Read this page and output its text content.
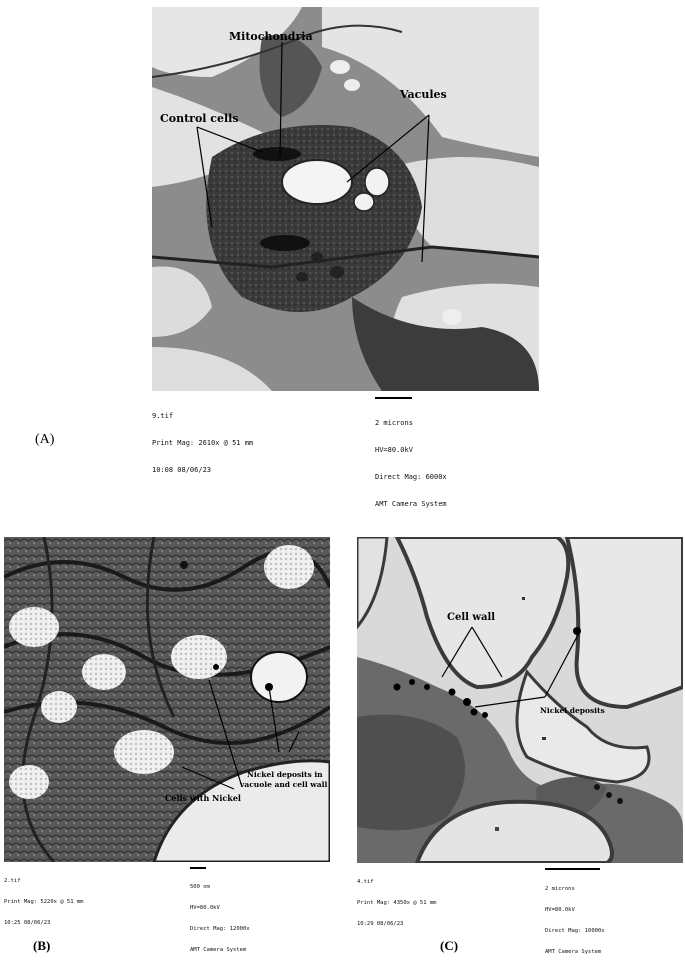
Mitochondria
Control cells
Vacules

9.tif

Print Mag: 2610x @ 51 mm

10:08 08/06/23

2 microns

HV=80.0kV

Direct Mag: 6000x

AMT Camera System

(A)
Cells with Nickel
Nickel deposits in
vacuole and cell wall

2.tif

Print Mag: 5220x @ 51 mm

10:25 08/06/23

500 nm

HV=80.0kV

Direct Mag: 12000x

AMT Camera System

(B)
Cell wall
Nickel deposits

4.tif

Print Mag: 4350x @ 51 mm

10:29 08/06/23

2 microns

HV=80.0kV

Direct Mag: 10000x

AMT Camera System

(C)
